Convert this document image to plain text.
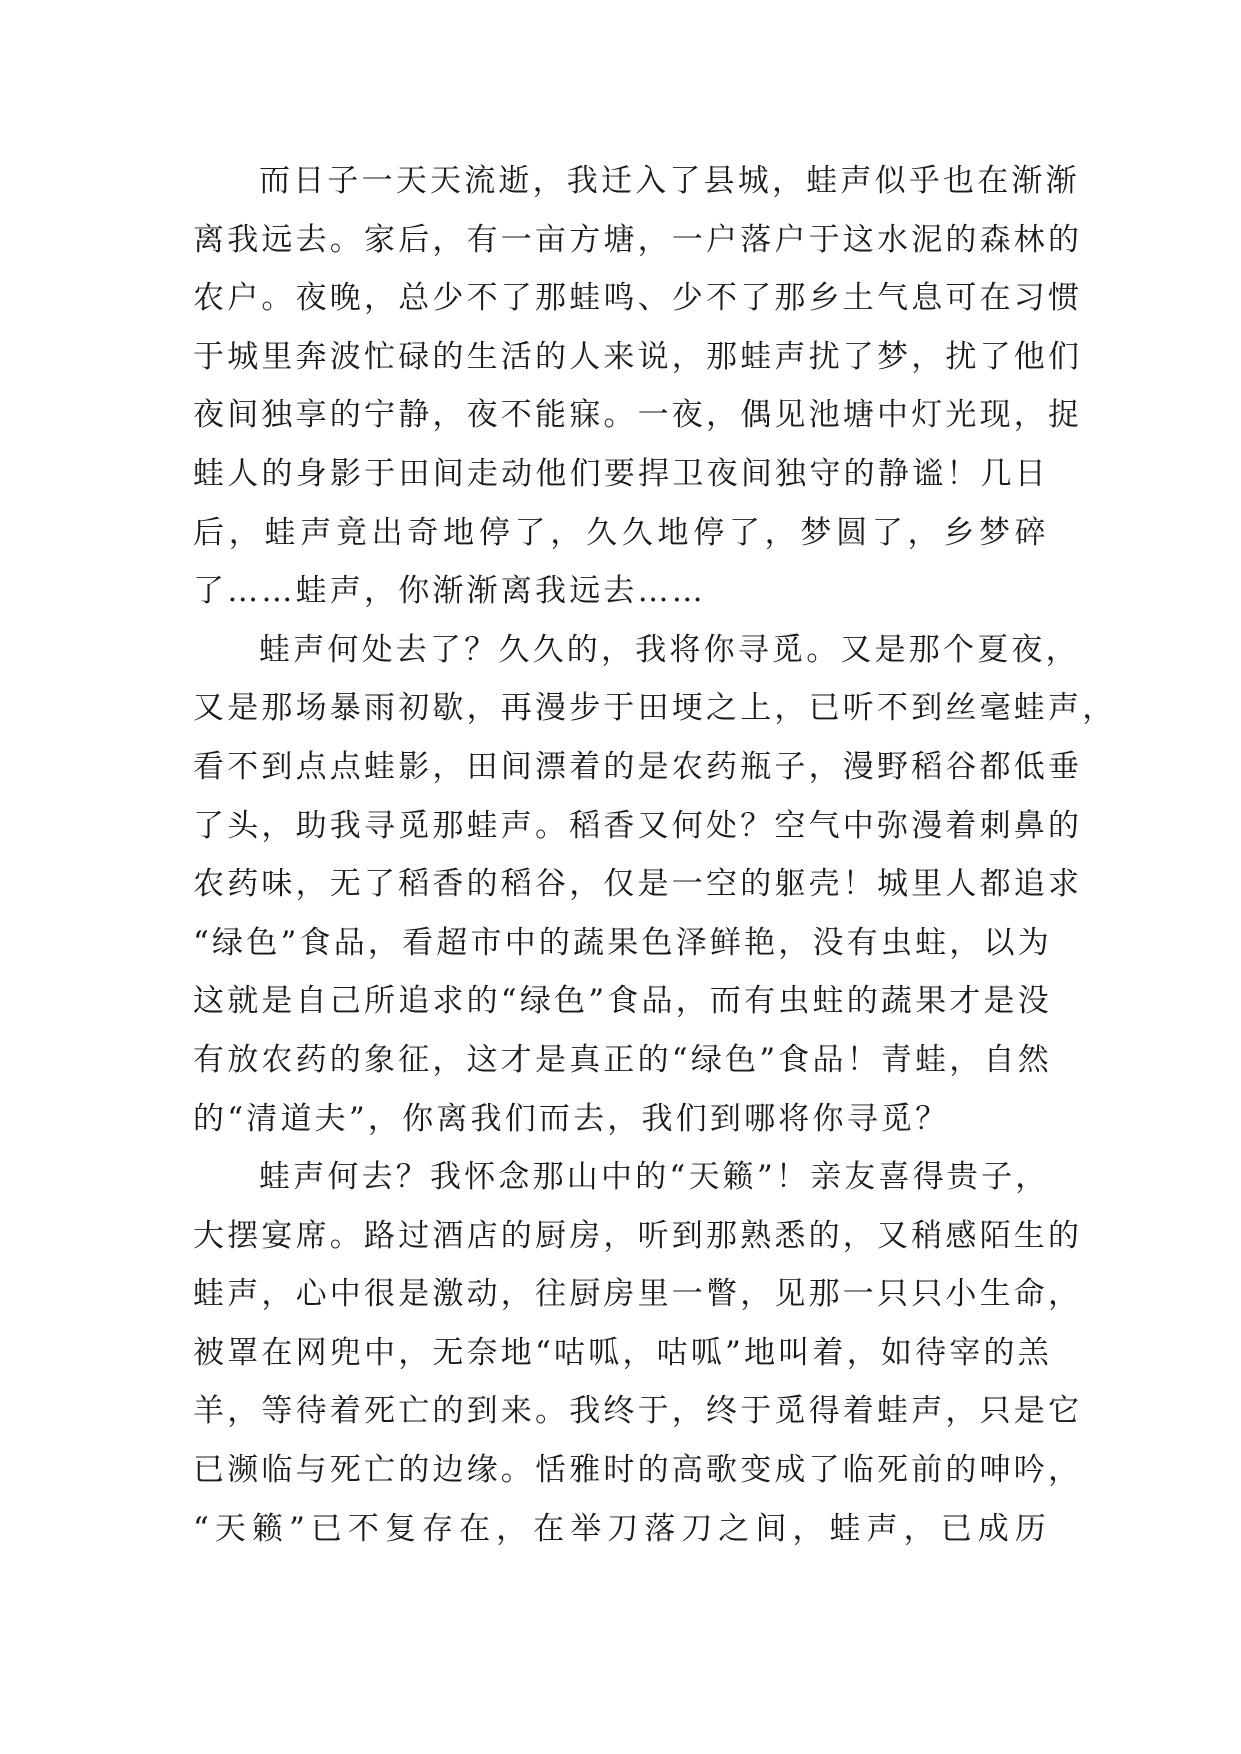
而日子一天天流逝，我迁入了县城，蛙声似乎也在渐渐
离我远去。家后，有一亩方塘，一户落户于这水泥的森林的
农户。夜晚，总少不了那蛙鸣、少不了那乡土气息可在习惯
于城里奔波忙碌的生活的人来说，那蛙声扰了梦，扰了他们
夜间独享的宁静，夜不能寐。一夜，偶见池塘中灯光现，捉
蛙人的身影于田间走动他们要捍卫夜间独守的静谧！几日
后，蛙声竟出奇地停了，久久地停了，梦圆了，乡梦碎
了……蛙声，你渐渐离我远去……
蛙声何处去了？久久的，我将你寻觅。又是那个夏夜，
又是那场暴雨初歇，再漫步于田埂之上，已听不到丝毫蛙声，
看不到点点蛙影，田间漂着的是农药瓶子，漫野稻谷都低垂
了头，助我寻觅那蛙声。稻香又何处？空气中弥漫着刺鼻的
农药味，无了稻香的稻谷，仅是一空的躯壳！城里人都追求
“绿色”食品，看超市中的蔬果色泽鲜艳，没有虫蛀，以为
这就是自己所追求的“绿色”食品，而有虫蛀的蔬果才是没
有放农药的象征，这才是真正的“绿色”食品！青蛙，自然
的“清道夫”，你离我们而去，我们到哪将你寻觅？
蛙声何去？我怀念那山中的“天籁”！亲友喜得贵子，
大摆宴席。路过酒店的厨房，听到那熟悉的，又稍感陌生的
蛙声，心中很是激动，往厨房里一瞥，见那一只只小生命，
被罩在网兜中，无奈地“咕呱，咕呱”地叫着，如待宰的羔
羊，等待着死亡的到来。我终于，终于觅得着蛙声，只是它
已濒临与死亡的边缘。恬雅时的高歌变成了临死前的呻吟，
“天籁”已不复存在，在举刀落刀之间，蛙声，已成历
